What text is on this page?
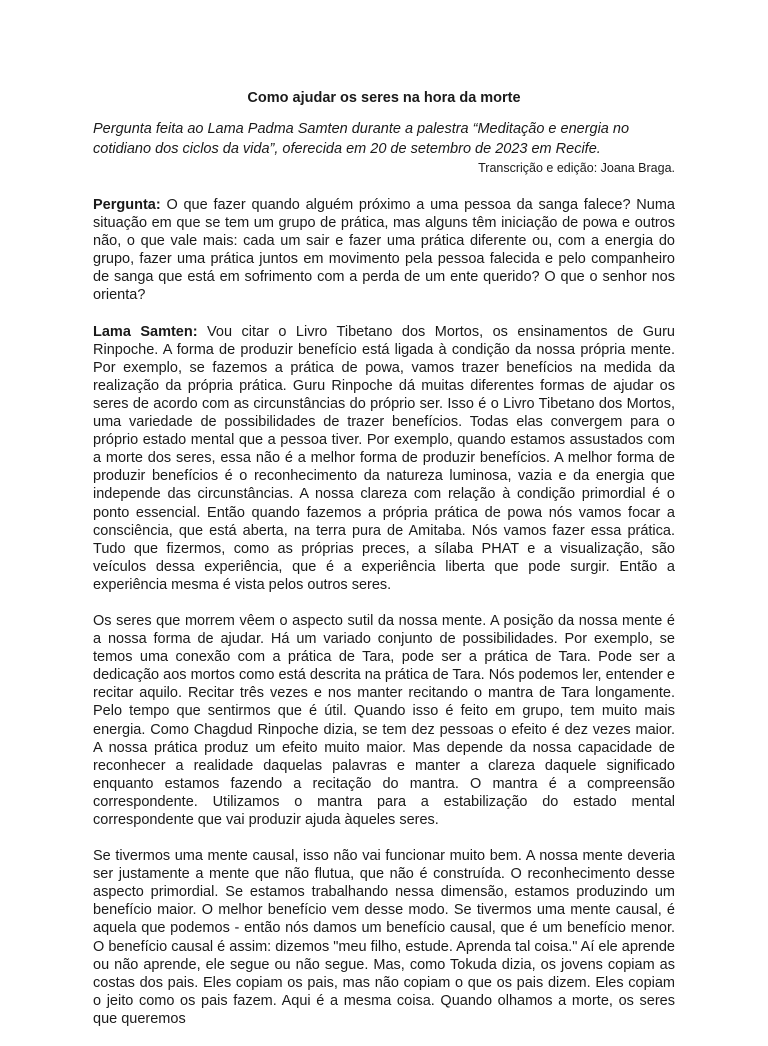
Como ajudar os seres na hora da morte

Pergunta feita ao Lama Padma Samten durante a palestra “Meditação e energia no cotidiano dos ciclos da vida”, oferecida em 20 de setembro de 2023 em Recife.

Transcrição e edição: Joana Braga.

Pergunta: O que fazer quando alguém próximo a uma pessoa da sanga falece? Numa situação em que se tem um grupo de prática, mas alguns têm iniciação de powa e outros não, o que vale mais: cada um sair e fazer uma prática diferente ou, com a energia do grupo, fazer uma prática juntos em movimento pela pessoa falecida e pelo companheiro de sanga que está em sofrimento com a perda de um ente querido? O que o senhor nos orienta?

Lama Samten: Vou citar o Livro Tibetano dos Mortos, os ensinamentos de Guru Rinpoche. A forma de produzir benefício está ligada à condição da nossa própria mente. Por exemplo, se fazemos a prática de powa, vamos trazer benefícios na medida da realização da própria prática. Guru Rinpoche dá muitas diferentes formas de ajudar os seres de acordo com as circunstâncias do próprio ser. Isso é o Livro Tibetano dos Mortos, uma variedade de possibilidades de trazer benefícios. Todas elas convergem para o próprio estado mental que a pessoa tiver. Por exemplo, quando estamos assustados com a morte dos seres, essa não é a melhor forma de produzir benefícios. A melhor forma de produzir benefícios é o reconhecimento da natureza luminosa, vazia e da energia que independe das circunstâncias. A nossa clareza com relação à condição primordial é o ponto essencial. Então quando fazemos a própria prática de powa nós vamos focar a consciência, que está aberta, na terra pura de Amitaba. Nós vamos fazer essa prática. Tudo que fizermos, como as próprias preces, a sílaba PHAT e a visualização, são veículos dessa experiência, que é a experiência liberta que pode surgir. Então a experiência mesma é vista pelos outros seres.

Os seres que morrem vêem o aspecto sutil da nossa mente. A posição da nossa mente é a nossa forma de ajudar. Há um variado conjunto de possibilidades. Por exemplo, se temos uma conexão com a prática de Tara, pode ser a prática de Tara. Pode ser a dedicação aos mortos como está descrita na prática de Tara. Nós podemos ler, entender e recitar aquilo. Recitar três vezes e nos manter recitando o mantra de Tara longamente. Pelo tempo que sentirmos que é útil. Quando isso é feito em grupo, tem muito mais energia. Como Chagdud Rinpoche dizia, se tem dez pessoas o efeito é dez vezes maior. A nossa prática produz um efeito muito maior. Mas depende da nossa capacidade de reconhecer a realidade daquelas palavras e manter a clareza daquele significado enquanto estamos fazendo a recitação do mantra. O mantra é a compreensão correspondente. Utilizamos o mantra para a estabilização do estado mental correspondente que vai produzir ajuda àqueles seres.

Se tivermos uma mente causal, isso não vai funcionar muito bem. A nossa mente deveria ser justamente a mente que não flutua, que não é construída. O reconhecimento desse aspecto primordial. Se estamos trabalhando nessa dimensão, estamos produzindo um benefício maior. O melhor benefício vem desse modo. Se tivermos uma mente causal, é aquela que podemos - então nós damos um benefício causal, que é um benefício menor. O benefício causal é assim: dizemos "meu filho, estude. Aprenda tal coisa." Aí ele aprende ou não aprende, ele segue ou não segue. Mas, como Tokuda dizia, os jovens copiam as costas dos pais. Eles copiam os pais, mas não copiam o que os pais dizem. Eles copiam o jeito como os pais fazem. Aqui é a mesma coisa. Quando olhamos a morte, os seres que queremos
